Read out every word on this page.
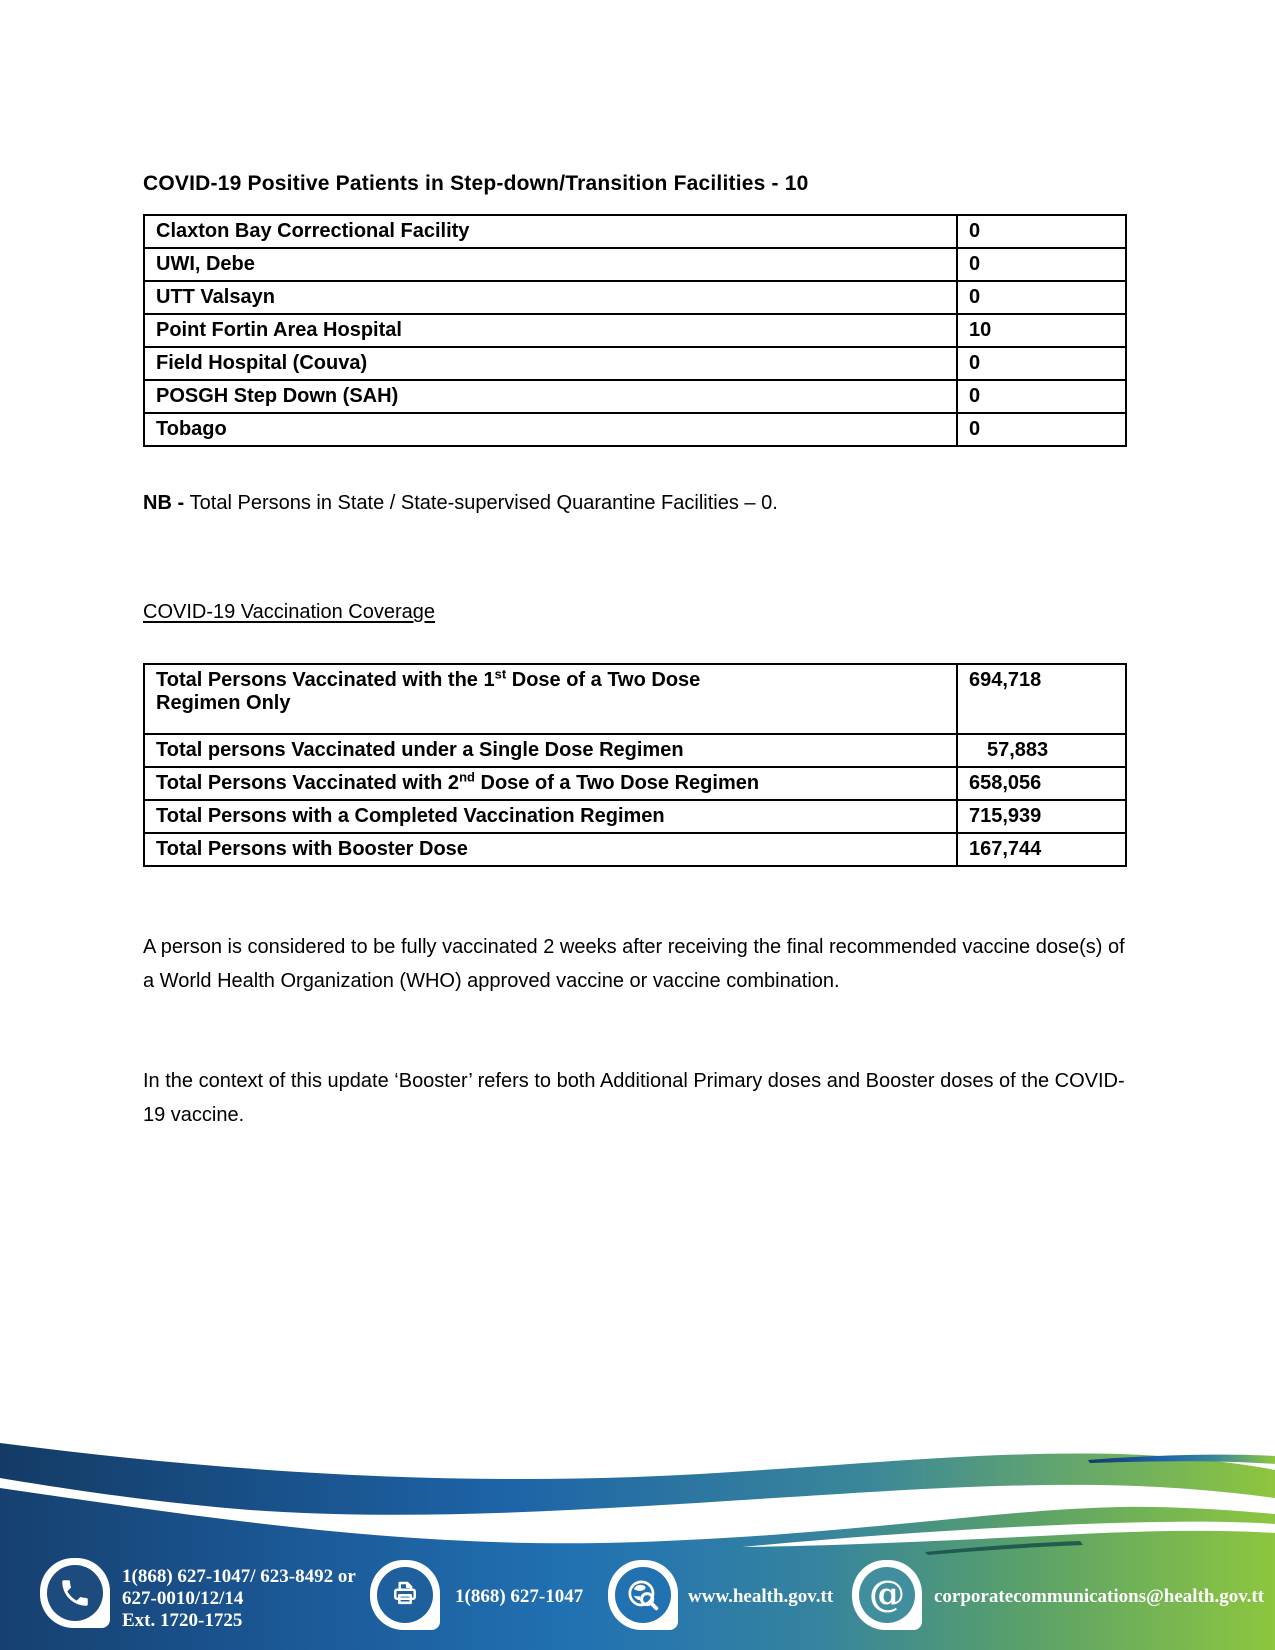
COVID-19 Positive Patients in Step-down/Transition Facilities - 10
Claxton Bay Correctional Facility	0
UWI, Debe	0
UTT Valsayn	0
Point Fortin Area Hospital	10
Field Hospital (Couva)	0
POSGH Step Down (SAH)	0
Tobago	0
NB - Total Persons in State / State-supervised Quarantine Facilities – 0.
COVID-19 Vaccination Coverage
Total Persons Vaccinated with the 1st Dose of a Two Dose
Regimen Only	694,718
Total persons Vaccinated under a Single Dose Regimen	57,883
Total Persons Vaccinated with 2nd Dose of a Two Dose Regimen	658,056
Total Persons with a Completed Vaccination Regimen	715,939
Total Persons with Booster Dose	167,744
A person is considered to be fully vaccinated 2 weeks after receiving the final recommended vaccine dose(s) of a World Health Organization (WHO) approved vaccine or vaccine combination.
In the context of this update ‘Booster’ refers to both Additional Primary doses and Booster doses of the COVID-19 vaccine.
1(868) 627-1047/ 623-8492 or
627-0010/12/14
Ext. 1720-1725
1(868) 627-1047	www.health.gov.tt @ corporatecommunications@health.gov.tt
